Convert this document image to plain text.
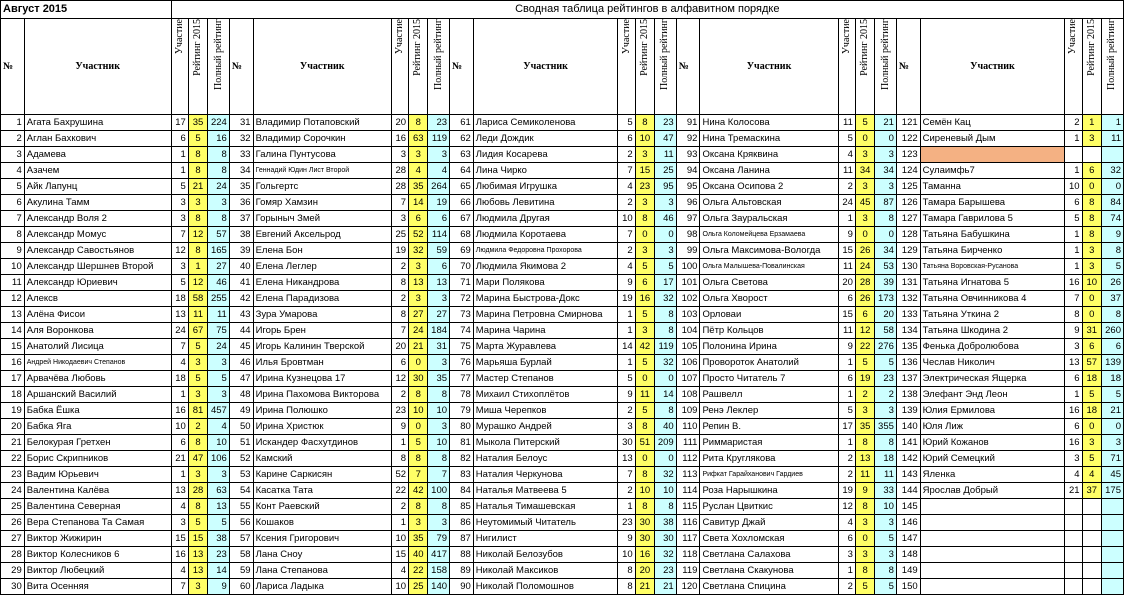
Август 2015		Сводная таблица рейтингов в алфавитном порядке																						
№	Участник	Участие	Рейтинг 2015	Полный рейтинг	№	Участник	Участие	Рейтинг 2015	Полный рейтинг	№	Участник	Участие	Рейтинг 2015	Полный рейтинг	№	Участник	Участие	Рейтинг 2015	Полный рейтинг	№	Участник	Участие	Рейтинг 2015	Полный рейтинг
1	Агата Бахрушина	17	35	224	31	Владимир Потаповский	20	8	23	61	Лариса Семиколенова	5	8	23	91	Нина Колосова	11	5	21	121	Семён Кац	2	1	1
2	Аглан Бахкович	6	5	16	32	Владимир Сорочкин	16	63	119	62	Леди Дождик	6	10	47	92	Нина Тремаскина	5	0	0	122	Сиреневый Дым	1	3	11
3	Адамева	1	8	8	33	Галина Пунтусова	3	3	3	63	Лидия Косарева	2	3	11	93	Оксана Кряквина	4	3	3	123				
4	Азачем	1	8	8	34	Геннадий Юдин Лист Второй	28	4	4	64	Лина Чирко	7	15	25	94	Оксана Ланина	11	34	34	124	Сулаимфь7	1	6	32
5	Айк Лапунц	5	21	24	35	Гольгертс	28	35	264	65	Любимая Игрушка	4	23	95	95	Оксана Осипова 2	2	3	3	125	Таманна	10	0	0
6	Акулина Тамм	3	3	3	36	Гомяр Хамзин	7	14	19	66	Любовь Левитина	2	3	3	96	Ольга Альтовская	24	45	87	126	Тамара Барышева	6	8	84
7	Александр Воля 2	3	8	8	37	Горыныч Змей	3	6	6	67	Людмила Другая	10	8	46	97	Ольга Зауральская	1	3	8	127	Тамара Гаврилова 5	5	8	74
8	Александр Момус	7	12	57	38	Евгений Аксельрод	25	52	114	68	Людмила Коротаева	7	0	0	98	Ольга Коломейцева Ерзамаева	9	0	0	128	Татьяна Бабушкина	1	8	9
9	Александр Савостьянов	12	8	165	39	Елена Бон	19	32	59	69	Людмила Федоровна Прохорова	2	3	3	99	Ольга Максимова-Вологда	15	26	34	129	Татьяна Бирченко	1	3	8
10	Александр Шершнев Второй	3	1	27	40	Елена Леглер	2	3	6	70	Людмила Якимова 2	4	5	5	100	Ольга Малышева-Повалинская	11	24	53	130	Татьяна Воровская-Русанова	1	3	5
11	Александр Юриевич	5	12	46	41	Елена Никандрова	8	13	13	71	Мари Полякова	9	6	17	101	Ольга Светова	20	28	39	131	Татьяна Игнатова 5	16	10	26
12	Алексв	18	58	255	42	Елена Парадизова	2	3	3	72	Марина Быстрова-Докс	19	16	32	102	Ольга Хворост	6	26	173	132	Татьяна Овчинникова 4	7	0	37
13	Алёна Фисои	13	11	11	43	Зура Умарова	8	27	27	73	Марина Петровна Смирнова	1	5	8	103	Орловаи	15	6	20	133	Татьяна Уткина 2	8	0	8
14	Аля Воронкова	24	67	75	44	Игорь Брен	7	24	184	74	Марина Чарина	1	3	8	104	Пётр Кольцов	11	12	58	134	Татьяна Шкодина 2	9	31	260
15	Анатолий Лисица	7	5	24	45	Игорь Калинин Тверской	20	21	31	75	Марта Журавлева	14	42	119	105	Полонина Ирина	9	22	276	135	Фенька Добролюбова	3	6	6
16	Андрей Никодаевич Степанов	4	3	3	46	Илья Бровтман	6	0	3	76	Марьяша Бурлай	1	5	32	106	Провороток Анатолий	1	5	5	136	Чеслав Николич	13	57	139
17	Арвачёва Любовь	18	5	5	47	Ирина Кузнецова 17	12	30	35	77	Мастер Степанов	5	0	0	107	Просто Читатель 7	6	19	23	137	Электрическая Ящерка	6	18	18
18	Аршанский Василий	1	3	3	48	Ирина Пахомова Викторова	2	8	8	78	Михаил Стихоплётов	9	11	14	108	Рашвелл	1	2	2	138	Элефант Энд Леон	1	5	5
19	Бабка Ёшка	16	81	457	49	Ирина Полюшко	23	10	10	79	Миша Черепков	2	5	8	109	Ренэ Леклер	5	3	3	139	Юлия Ермилова	16	18	21
20	Бабка Яга	10	2	4	50	Ирина Христюк	9	0	3	80	Мурашко Андрей	3	8	40	110	Репин В.	17	35	355	140	Юля Лиж	6	0	0
21	Белокурая Гретхен	6	8	10	51	Искандер Фасхутдинов	1	5	10	81	Мыкола Питерский	30	51	209	111	Риммаристая	1	8	8	141	Юрий Кожанов	16	3	3
22	Борис Скрипников	21	47	106	52	Камский	8	8	8	82	Наталия Белоус	13	0	0	112	Рита Круглякова	2	13	18	142	Юрий Семецкий	3	5	71
23	Вадим Юрьевич	1	3	3	53	Карине Саркисян	52	7	7	83	Наталия Черкунова	7	8	32	113	Рифкат Гарайханович Гардиев	2	11	11	143	Яленка	4	4	45
24	Валентина Калёва	13	28	63	54	Касатка Тата	22	42	100	84	Наталья Матвеева 5	2	10	10	114	Роза Нарышкина	19	9	33	144	Ярослав Добрый	21	37	175
25	Валентина Северная	4	8	13	55	Конт Раевский	2	8	8	85	Наталья Тимашевская	1	8	8	115	Руслан Цвиткис	12	8	10	145				
26	Вера Степанова Та Самая	3	5	5	56	Кошаков	1	3	3	86	Неутомимый Читатель	23	30	38	116	Савитур Джай	4	3	3	146				
27	Виктор Жижирин	15	15	38	57	Ксения Григорович	10	35	79	87	Нигилист	9	30	30	117	Света Хохломская	6	0	5	147				
28	Виктор Колесников 6	16	13	23	58	Лана Сноу	15	40	417	88	Николай Белозубов	10	16	32	118	Светлана Салахова	3	3	3	148				
29	Виктор Любецкий	4	13	14	59	Лана Степанова	4	22	158	89	Николай Максиков	8	20	23	119	Светлана Скакунова	1	8	8	149				
30	Вита Осенняя	7	3	9	60	Лариса Ладыка	10	25	140	90	Николай Поломошнов	8	21	21	120	Светлана Спицина	2	5	5	150				
